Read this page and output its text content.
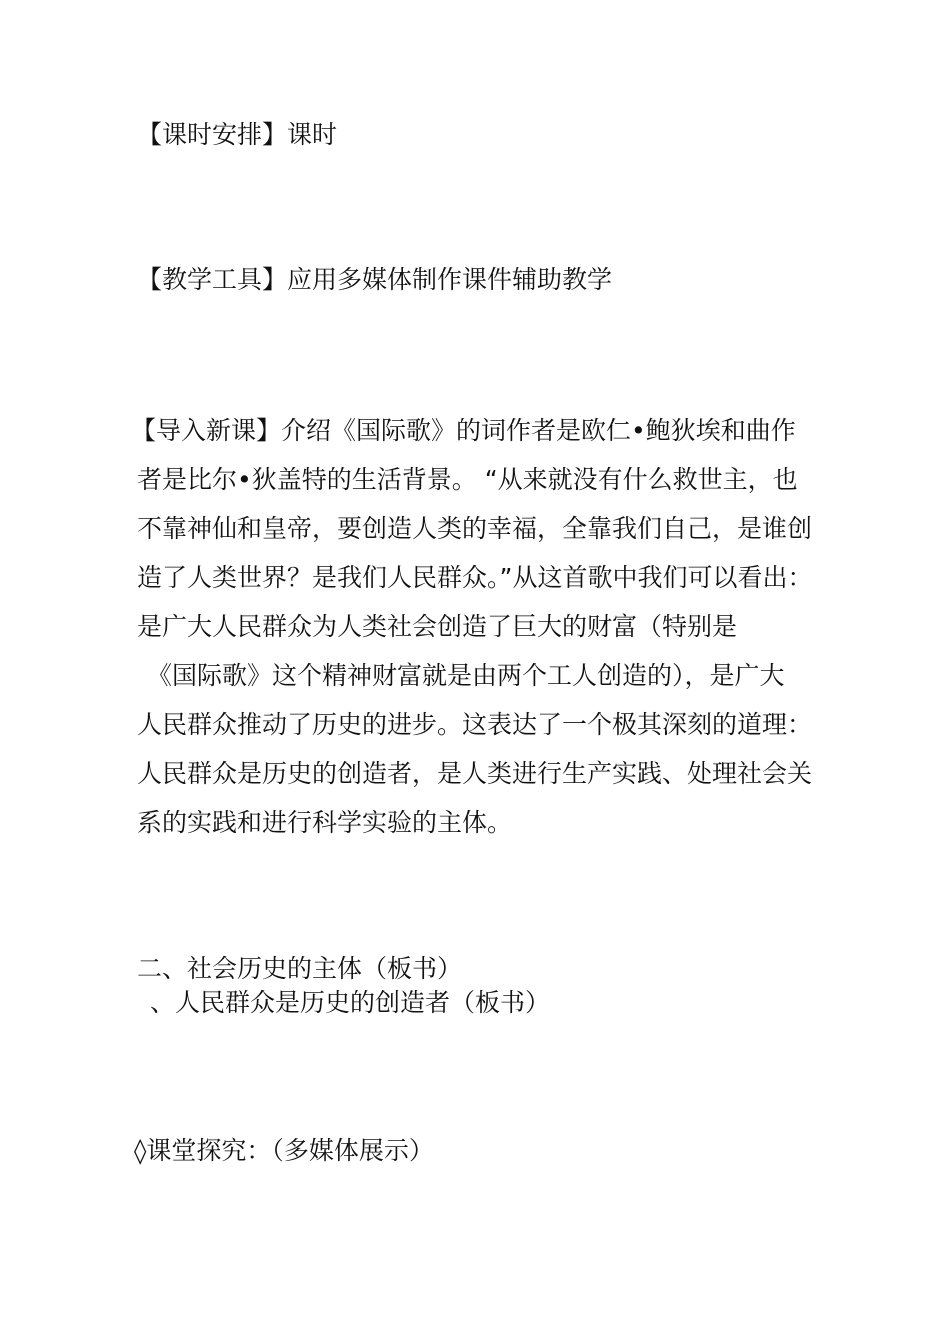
【课时安排】课时
【教学工具】应用多媒体制作课件辅助教学
【导入新课】介绍《国际歌》的词作者是欧仁•鲍狄埃和曲作
者是比尔•狄盖特的生活背景。 “从来就没有什么救世主，也
不靠神仙和皇帝，要创造人类的幸福，全靠我们自己，是谁创
造了人类世界？是我们人民群众。”从这首歌中我们可以看出：
是广大人民群众为人类社会创造了巨大的财富（特别是
《国际歌》这个精神财富就是由两个工人创造的），是广大
人民群众推动了历史的进步。这表达了一个极其深刻的道理：
人民群众是历史的创造者，是人类进行生产实践、处理社会关
系的实践和进行科学实验的主体。
二、社会历史的主体（板书）
、人民群众是历史的创造者（板书）
◊课堂探究：（多媒体展示）
